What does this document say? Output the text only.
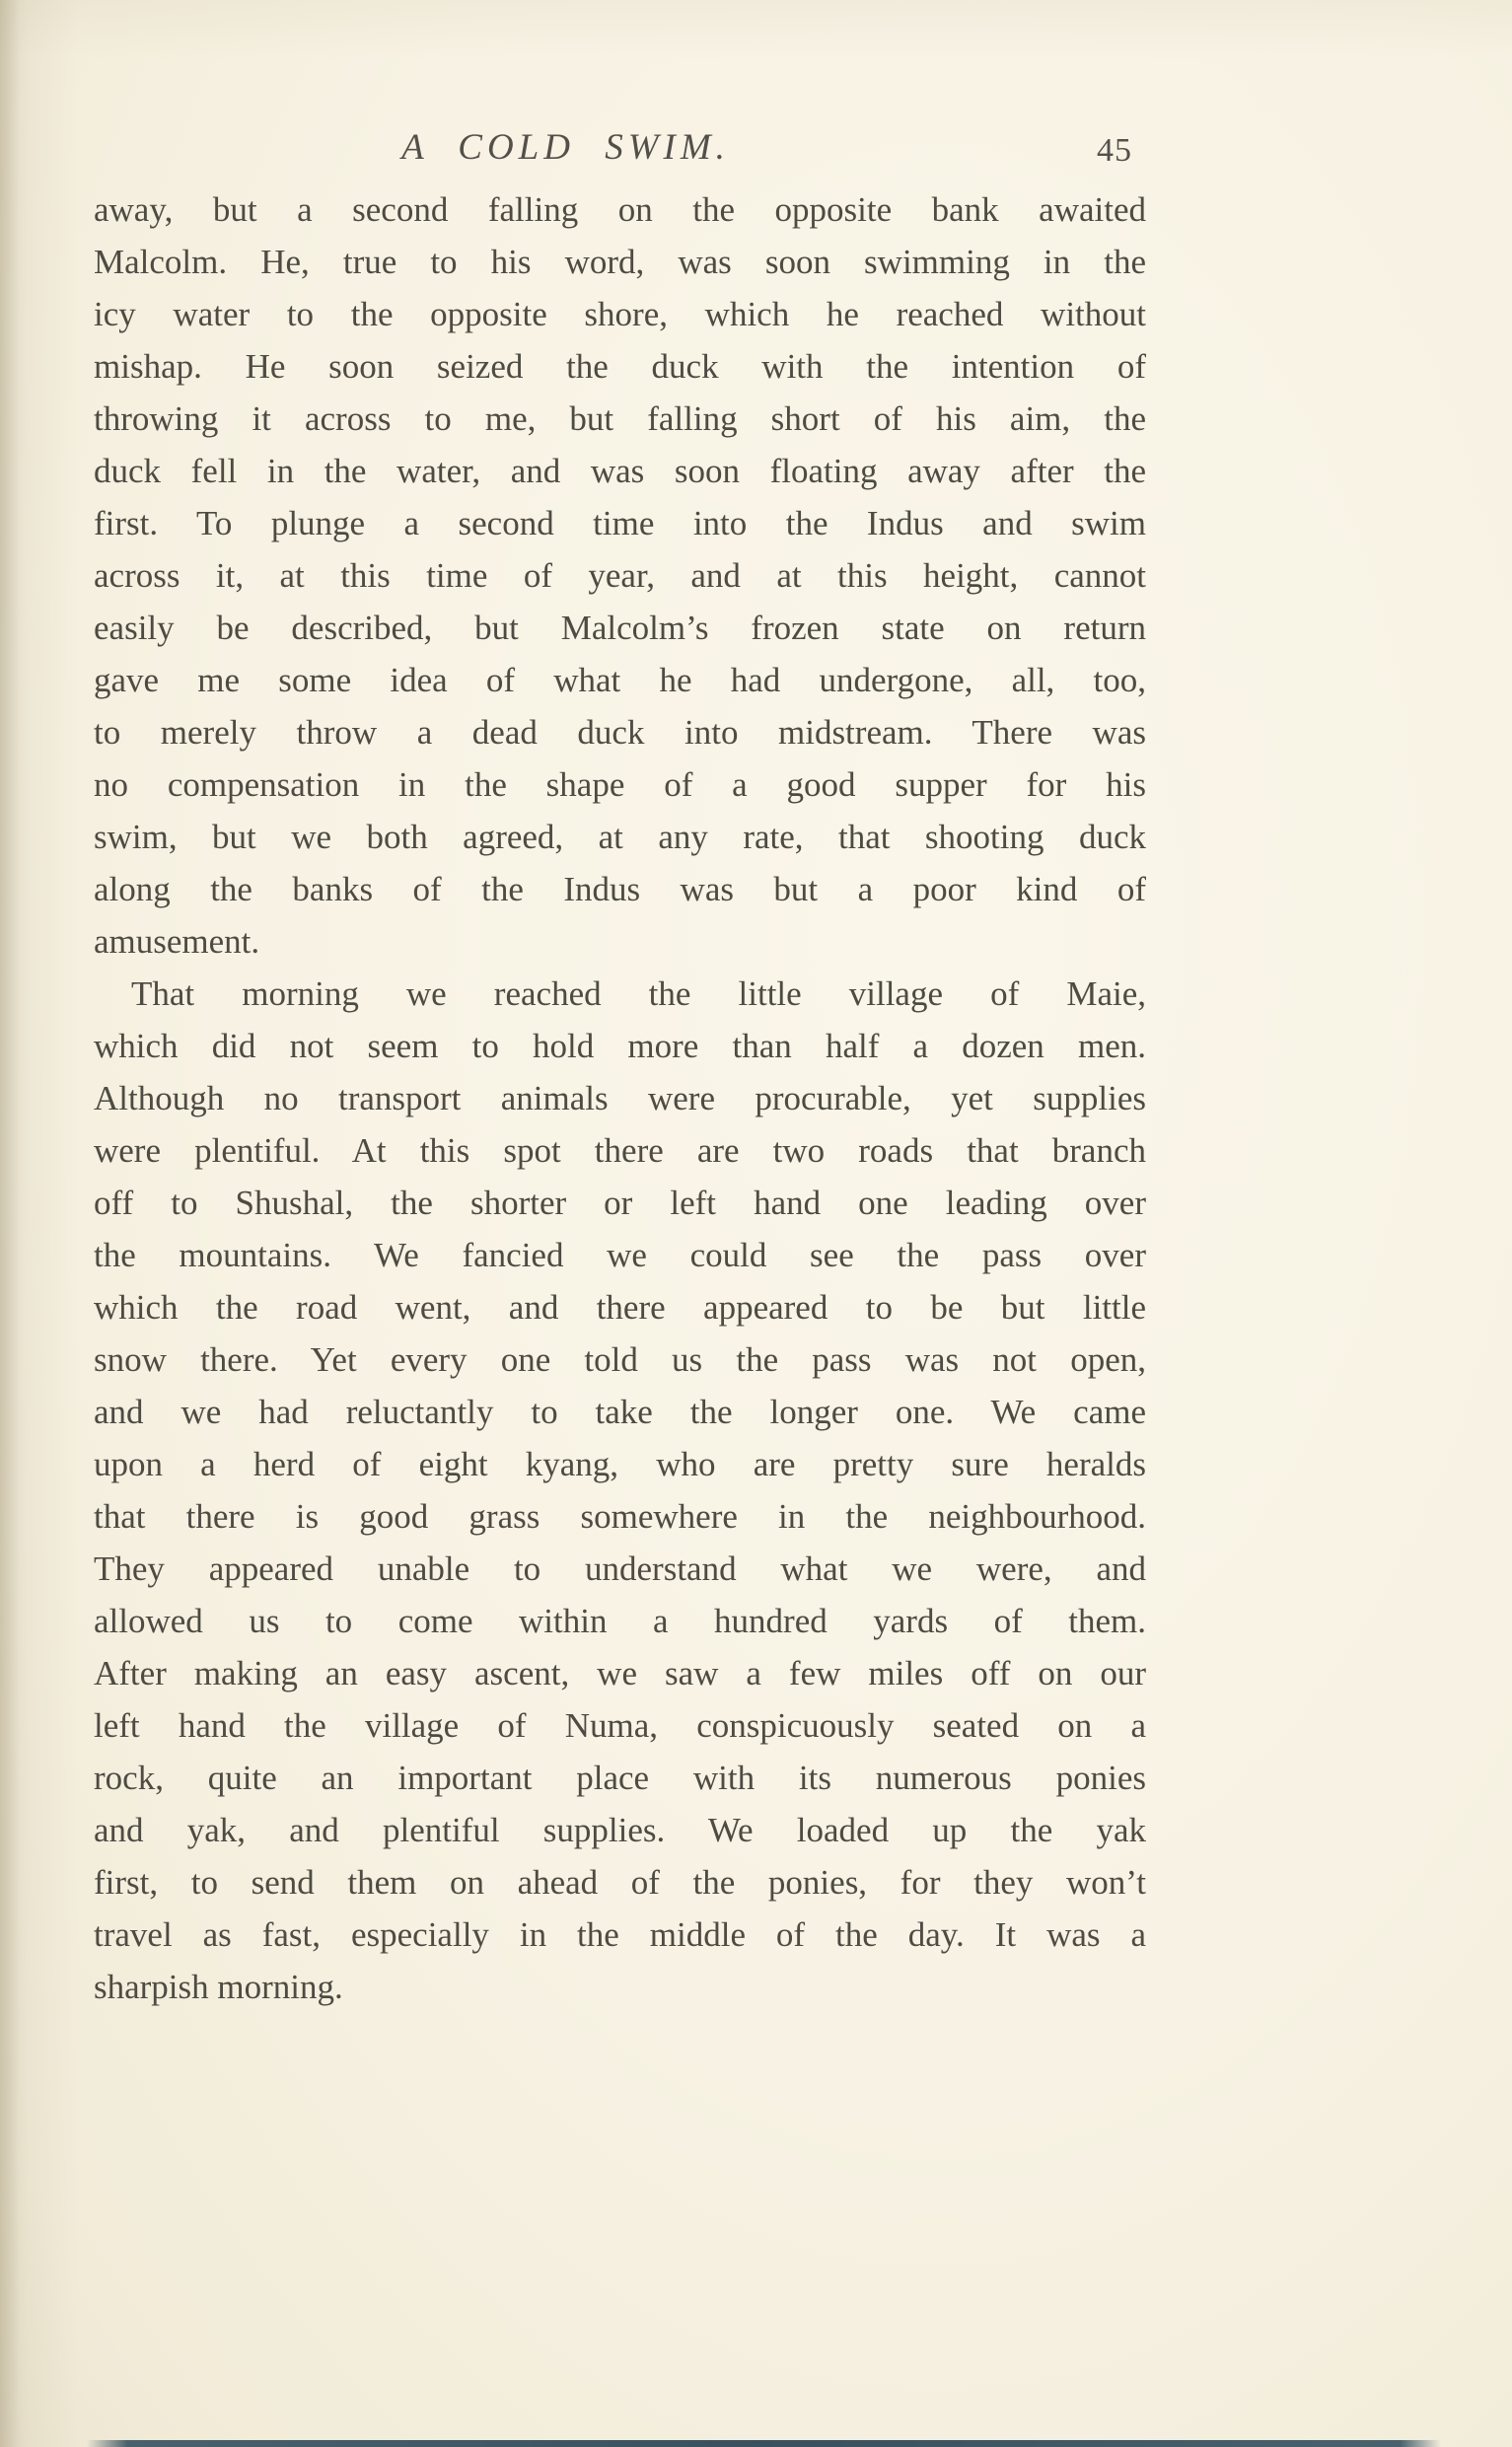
A COLD SWIM.	45
away, but a second falling on the opposite bank awaited
Malcolm. He, true to his word, was soon swimming in the
icy water to the opposite shore, which he reached without
mishap. He soon seized the duck with the intention of
throwing it across to me, but falling short of his aim, the
duck fell in the water, and was soon floating away after the
first. To plunge a second time into the Indus and swim
across it, at this time of year, and at this height, cannot
easily be described, but Malcolm’s frozen state on return
gave me some idea of what he had undergone, all, too,
to merely throw a dead duck into midstream. There was
no compensation in the shape of a good supper for his
swim, but we both agreed, at any rate, that shooting duck
along the banks of the Indus was but a poor kind of
amusement.
That morning we reached the little village of Maie,
which did not seem to hold more than half a dozen men.
Although no transport animals were procurable, yet supplies
were plentiful. At this spot there are two roads that branch
off to Shushal, the shorter or left hand one leading over
the mountains. We fancied we could see the pass over
which the road went, and there appeared to be but little
snow there. Yet every one told us the pass was not open,
and we had reluctantly to take the longer one. We came
upon a herd of eight kyang, who are pretty sure heralds
that there is good grass somewhere in the neighbourhood.
They appeared unable to understand what we were, and
allowed us to come within a hundred yards of them.
After making an easy ascent, we saw a few miles off on our
left hand the village of Numa, conspicuously seated on a
rock, quite an important place with its numerous ponies
and yak, and plentiful supplies. We loaded up the yak
first, to send them on ahead of the ponies, for they won’t
travel as fast, especially in the middle of the day. It was a
sharpish morning.
